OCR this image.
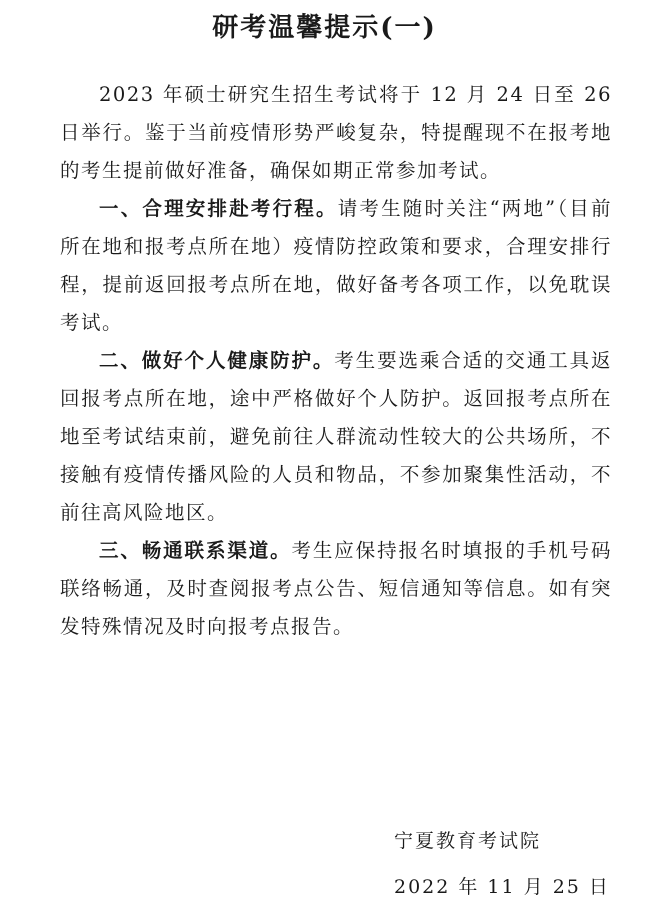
研考温馨提示(一)

2023 年硕士研究生招生考试将于 12 月 24 日至 26 日举行。鉴于当前疫情形势严峻复杂，特提醒现不在报考地的考生提前做好准备，确保如期正常参加考试。

一、合理安排赴考行程。请考生随时关注“两地”（目前所在地和报考点所在地）疫情防控政策和要求，合理安排行程，提前返回报考点所在地，做好备考各项工作，以免耽误考试。

二、做好个人健康防护。考生要选乘合适的交通工具返回报考点所在地，途中严格做好个人防护。返回报考点所在地至考试结束前，避免前往人群流动性较大的公共场所，不接触有疫情传播风险的人员和物品，不参加聚集性活动，不前往高风险地区。

三、畅通联系渠道。考生应保持报名时填报的手机号码联络畅通，及时查阅报考点公告、短信通知等信息。如有突发特殊情况及时向报考点报告。

宁夏教育考试院
2022 年 11 月 25 日
